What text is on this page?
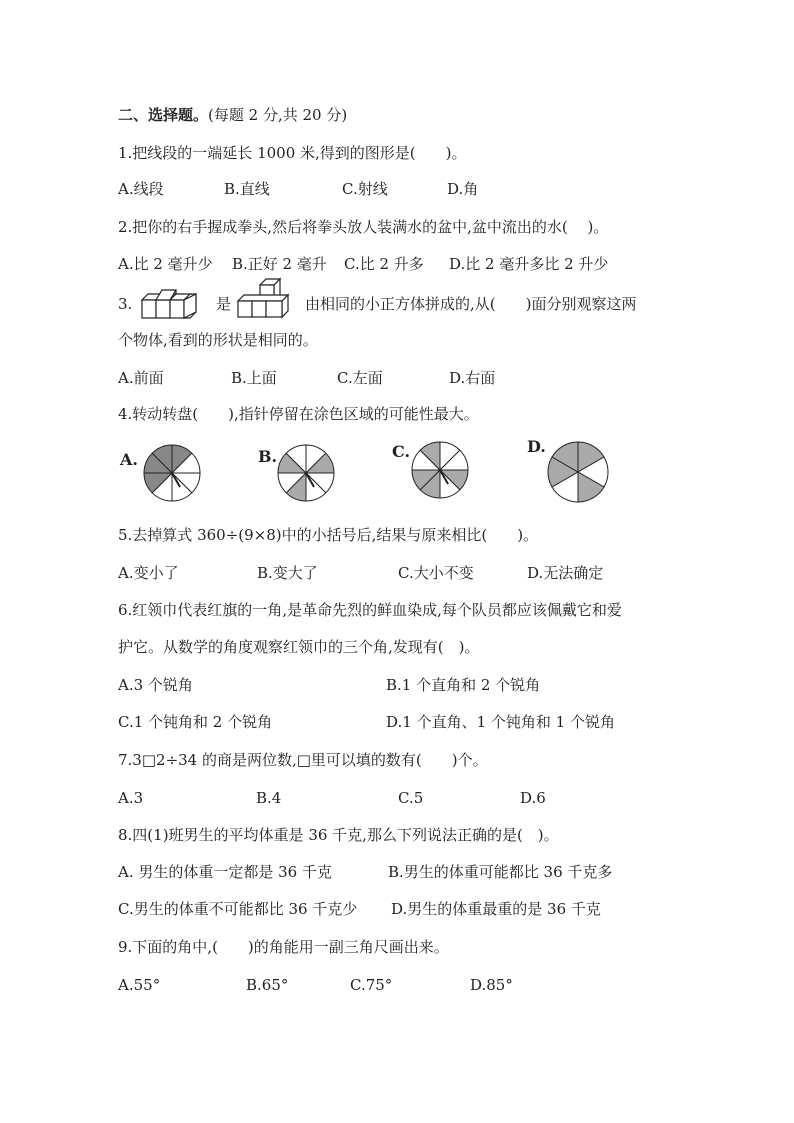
二、选择题。(每题 2 分,共 20 分)
1.把线段的一端延长 1000 米,得到的图形是(　　)。
A.线段	B.直线	C.射线	D.角
2.把你的右手握成拳头,然后将拳头放人装满水的盆中,盆中流出的水(　 )。
A.比 2 毫升少 B.正好 2 毫升 C.比 2 升多 D.比 2 毫升多比 2 升少
3.	是	由相同的小正方体拼成的,从(　　)面分别观察这两
个物体,看到的形状是相同的。
A.前面	B.上面	C.左面	D.右面
4.转动转盘(　　),指针停留在涂色区域的可能性最大。
A.	B.	C.	D.
5.去掉算式 360÷(9×8)中的小括号后,结果与原来相比(　　)。
A.变小了	B.变大了	C.大小不变	D.无法确定
6.红领巾代表红旗的一角,是革命先烈的鲜血染成,每个队员都应该佩戴它和爱
护它。从数学的角度观察红领巾的三个角,发现有(　)。
A.3 个锐角	B.1 个直角和 2 个锐角
C.1 个钝角和 2 个锐角	D.1 个直角、1 个钝角和 1 个锐角
7.3□2÷34 的商是两位数,□里可以填的数有(　　)个。
A.3	B.4	C.5	D.6
8.四(1)班男生的平均体重是 36 千克,那么下列说法正确的是(　)。
A. 男生的体重一定都是 36 千克	B.男生的体重可能都比 36 千克多
C.男生的体重不可能都比 36 千克少 D.男生的体重最重的是 36 千克
9.下面的角中,(　　)的角能用一副三角尺画出来。
A.55°	B.65°	C.75°	D.85°
